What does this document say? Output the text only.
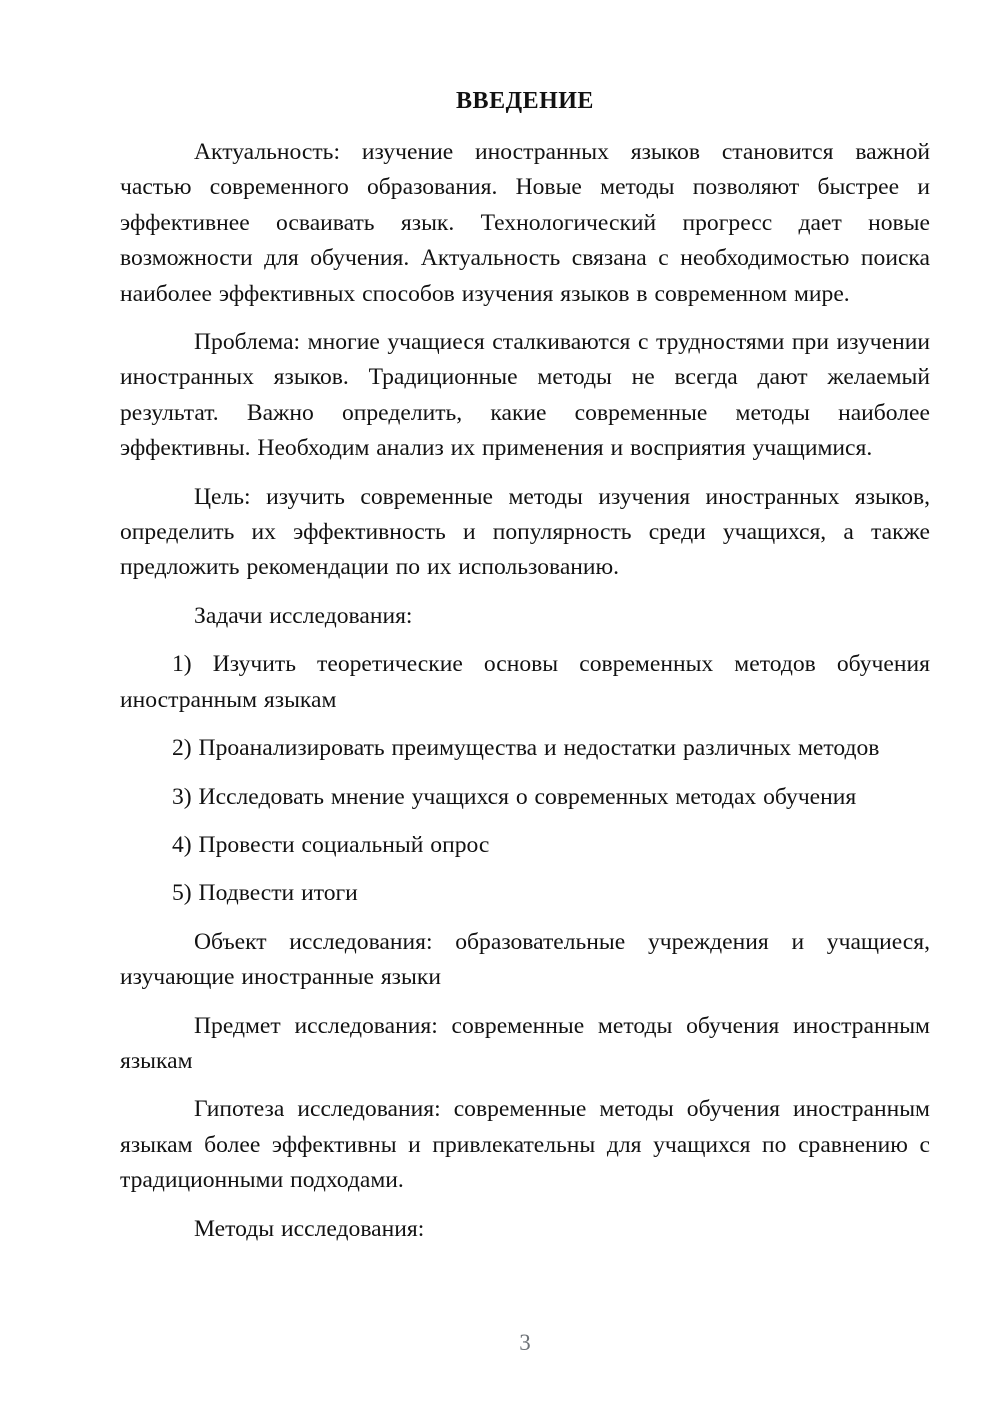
ВВЕДЕНИЕ

Актуальность: изучение иностранных языков становится важной частью современного образования. Новые методы позволяют быстрее и эффективнее осваивать язык. Технологический прогресс дает новые возможности для обучения. Актуальность связана с необходимостью поиска наиболее эффективных способов изучения языков в современном мире.

Проблема: многие учащиеся сталкиваются с трудностями при изучении иностранных языков. Традиционные методы не всегда дают желаемый результат. Важно определить, какие современные методы наиболее эффективны. Необходим анализ их применения и восприятия учащимися.

Цель: изучить современные методы изучения иностранных языков, определить их эффективность и популярность среди учащихся, а также предложить рекомендации по их использованию.

Задачи исследования:

1) Изучить теоретические основы современных методов обучения иностранным языкам

2) Проанализировать преимущества и недостатки различных методов

3) Исследовать мнение учащихся о современных методах обучения

4) Провести социальный опрос

5) Подвести итоги

Объект исследования: образовательные учреждения и учащиеся, изучающие иностранные языки

Предмет исследования: современные методы обучения иностранным языкам

Гипотеза исследования: современные методы обучения иностранным языкам более эффективны и привлекательны для учащихся по сравнению с традиционными подходами.

Методы исследования:

3
